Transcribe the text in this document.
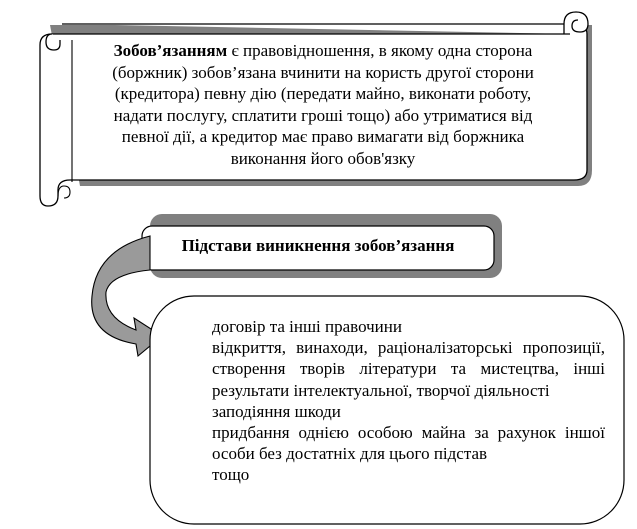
Зобов’язанням є правовідношення, в якому одна сторона
(боржник) зобов’язана вчинити на користь другої сторони
(кредитора) певну дію (передати майно, виконати роботу,
надати послугу, сплатити гроші тощо) або утриматися від
певної дії, а кредитор має право вимагати від боржника
виконання його обов'язку
Підстави виникнення зобов’язання
договір та інші правочини
відкриття, винаходи, раціоналізаторські пропозиції, створення творів літератури та мистецтва, інші результати інтелектуальної, творчої діяльності
заподіяння шкоди
придбання однією особою майна за рахунок іншої особи без достатніх для цього підстав
тощо
